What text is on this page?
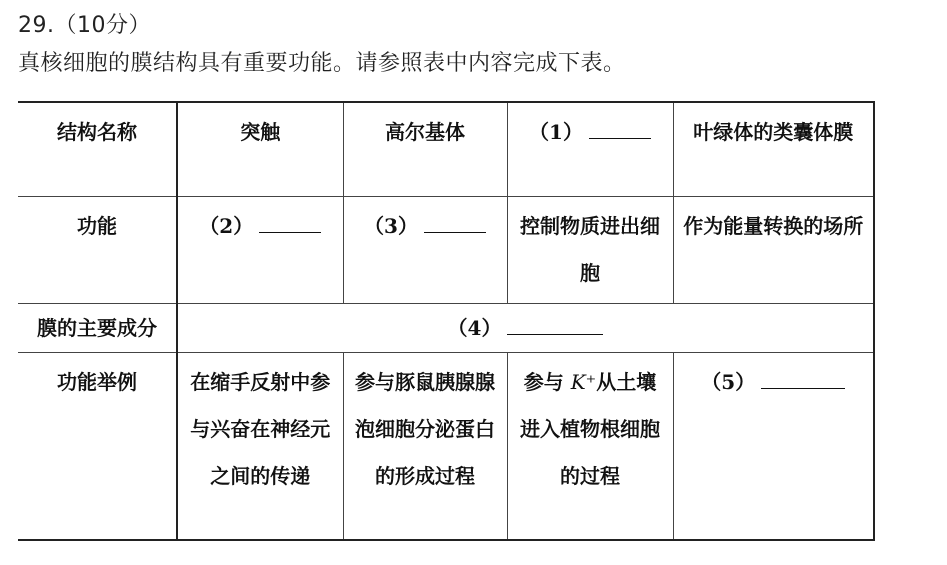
29.（10分）
真核细胞的膜结构具有重要功能。请参照表中内容完成下表。
结构名称	突触	高尔基体	（1）	叶绿体的类囊体膜
功能	（2）	（3）	控制物质进出细胞	作为能量转换的场所
膜的主要成分	（4）			
功能举例	在缩手反射中参与兴奋在神经元之间的传递	参与豚鼠胰腺腺泡细胞分泌蛋白的形成过程	参与 K⁺从土壤进入植物根细胞的过程	（5）
